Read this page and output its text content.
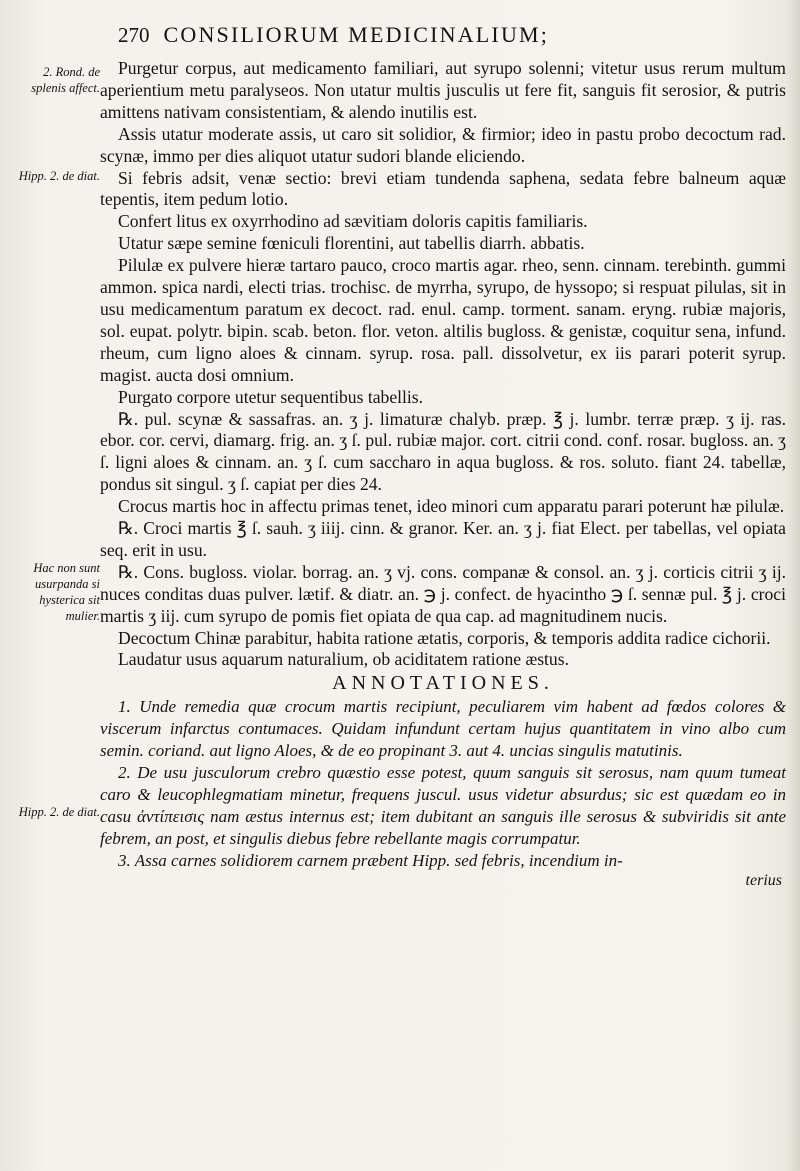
270 CONSILIORUM MEDICINALIUM;
2. Rond. de splenis affect.
Hipp. 2. de diat.
Hac non sunt usurpanda si hysterica sit mulier.
Hipp. 2. de diat.

Purgetur corpus, aut medicamento familiari, aut syrupo solenni; vitetur usus rerum multum aperientium metu paralyseos. Non utatur multis jusculis ut fere fit, sanguis fit serosior, & putris amittens nativam consistentiam, & alendo inutilis est.

Assis utatur moderate assis, ut caro sit solidior, & firmior; ideo in pastu probo decoctum rad. scynæ, immo per dies aliquot utatur sudori blande eliciendo.

Si febris adsit, venæ sectio: brevi etiam tundenda saphena, sedata febre balneum aquæ tepentis, item pedum lotio.

Confert litus ex oxyrrhodino ad sævitiam doloris capitis familiaris.

Utatur sæpe semine fœniculi florentini, aut tabellis diarrh. abbatis.

Pilulæ ex pulvere hieræ tartaro pauco, croco martis agar. rheo, senn. cinnam. terebinth. gummi ammon. spica nardi, electi trias. trochisc. de myrrha, syrupo, de hyssopo; si respuat pilulas, sit in usu medicamentum paratum ex decoct. rad. enul. camp. torment. sanam. eryng. rubiæ majoris, sol. eupat. polytr. bipin. scab. beton. flor. veton. altilis bugloss. & genistæ, coquitur sena, infund. rheum, cum ligno aloes & cinnam. syrup. rosa. pall. dissolvetur, ex iis parari poterit syrup. magist. aucta dosi omnium.

Purgato corpore utetur sequentibus tabellis.

℞. pul. scynæ & sassafras. an. ʒ j. limaturæ chalyb. præp. ℥ j. lumbr. terræ præp. ʒ ij. ras. ebor. cor. cervi, diamarg. frig. an. ʒ ſ. pul. rubiæ major. cort. citrii cond. conf. rosar. bugloss. an. ʒ ſ. ligni aloes & cinnam. an. ʒ ſ. cum saccharo in aqua bugloss. & ros. soluto. fiant 24. tabellæ, pondus sit singul. ʒ ſ. capiat per dies 24.

Crocus martis hoc in affectu primas tenet, ideo minori cum apparatu parari poterunt hæ pilulæ.

℞. Croci martis ℥ ſ. sauh. ʒ iiij. cinn. & granor. Ker. an. ʒ j. fiat Elect. per tabellas, vel opiata seq. erit in usu.

℞. Cons. bugloss. violar. borrag. an. ʒ vj. cons. companæ & consol. an. ʒ j. corticis citrii ʒ ij. nuces conditas duas pulver. lætif. & diatr. an. ℈ j. confect. de hyacintho ℈ ſ. sennæ pul. ℥ j. croci martis ʒ iij. cum syrupo de pomis fiet opiata de qua cap. ad magnitudinem nucis.

Decoctum Chinæ parabitur, habita ratione ætatis, corporis, & temporis addita radice cichorii.

Laudatur usus aquarum naturalium, ob aciditatem ratione æstus.

ANNOTATIONES.

1. Unde remedia quæ crocum martis recipiunt, peculiarem vim habent ad fœdos colores & viscerum infarctus contumaces. Quidam infundunt certam hujus quantitatem in vino albo cum semin. coriand. aut ligno Aloes, & de eo propinant 3. aut 4. uncias singulis matutinis.

2. De usu jusculorum crebro quæstio esse potest, quum sanguis sit serosus, nam quum tumeat caro & leucophlegmatiam minetur, frequens juscul. usus videtur absurdus; sic est quædam eo in casu ἀντίπεισις nam æstus internus est; item dubitant an sanguis ille serosus & subviridis sit ante febrem, an post, et singulis diebus febre rebellante magis corrumpatur.

3. Assa carnes solidiorem carnem præbent Hipp. sed febris, incendium in-

terius
